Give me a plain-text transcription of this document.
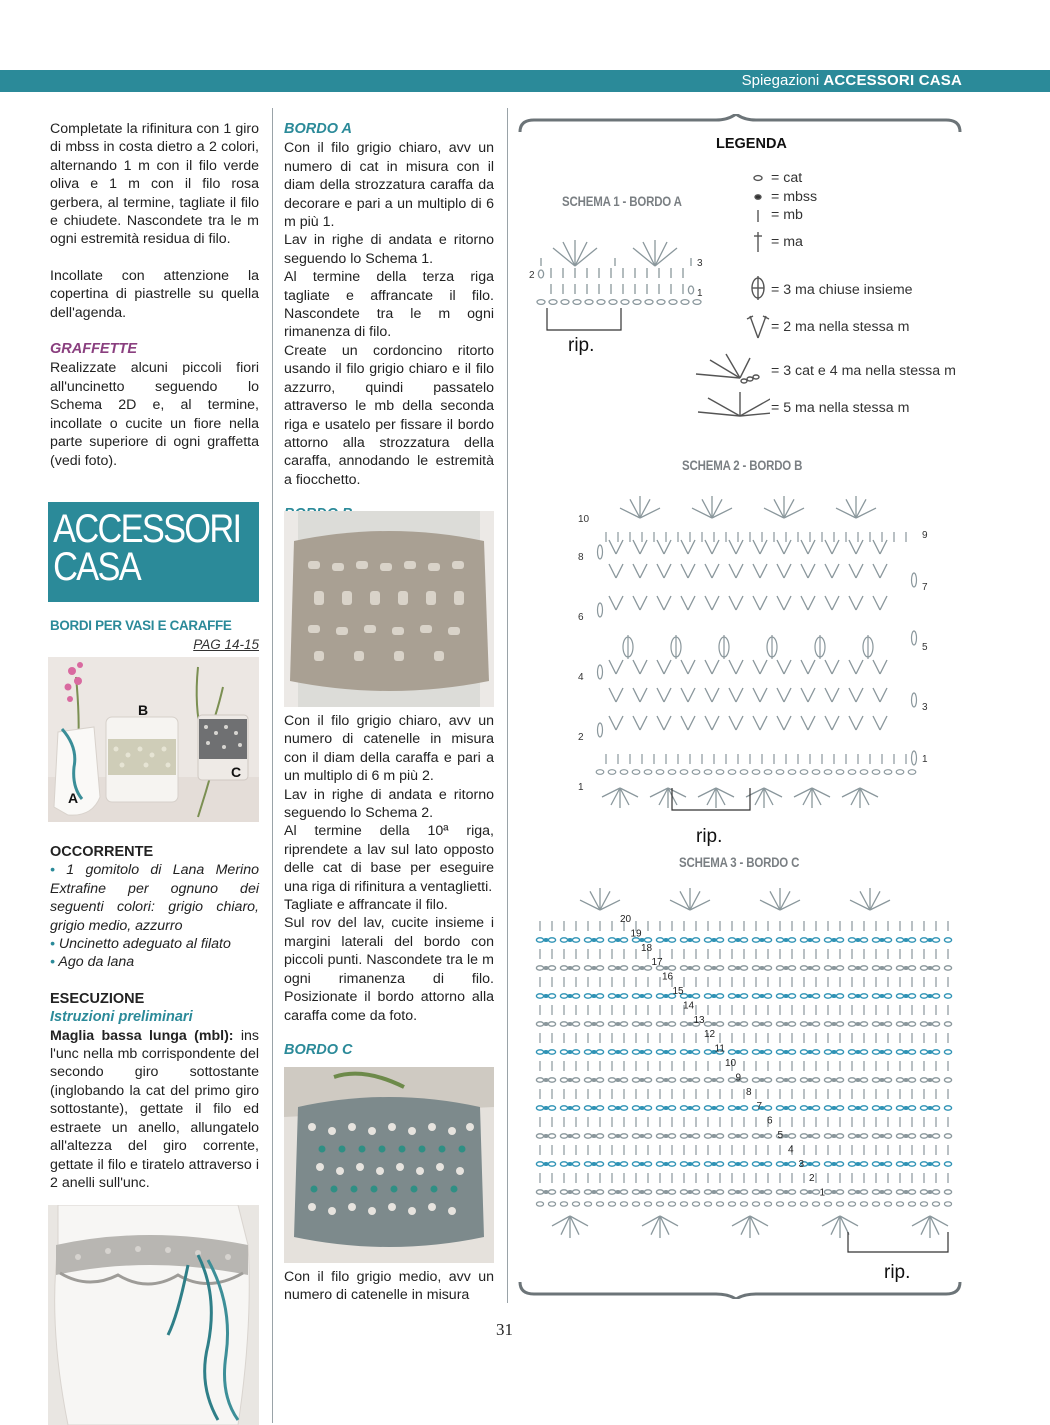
Spiegazioni ACCESSORI CASA

Completate la rifinitura con 1 giro di mbss in costa dietro a 2 colori, alternando 1 m con il filo verde oliva e 1 m con il filo rosa gerbera, al termine, tagliate il filo e chiudete. Nascondete tra le m ogni estremità residua di filo.

Incollate con attenzione la copertina di piastrelle su quella dell'agenda.

GRAFFETTE

Realizzate alcuni piccoli fiori all'uncinetto seguendo lo Schema 2D e, al termine, incollate o cucite un fiore nella parte superiore di ogni graffetta (vedi foto).

ACCESSORI
CASA
BORDI PER VASI E CARAFFE
PAG 14-15
B
C
A
OCCORRENTE

• 1 gomitolo di Lana Merino Extrafine per ognuno dei seguenti colori: grigio chiaro, grigio medio, azzurro

• Uncinetto adeguato al filato

• Ago da lana

ESECUZIONE
Istruzioni preliminari

Maglia bassa lunga (mbl): ins l'unc nella mb corrispondente del secondo giro sottostante (inglobando la cat del primo giro sottostante), gettate il filo ed estraete un anello, allungatelo all'altezza del giro corrente, gettate il filo e tiratelo attraverso i 2 anelli sull'unc.

BORDO A

Con il filo grigio chiaro, avv un numero di cat in misura con il diam della strozzatura caraffa da decorare e pari a un multiplo di 6 m più 1.

Lav in righe di andata e ritorno seguendo lo Schema 1.

Al termine della terza riga tagliate e affrancate il filo. Nascondete tra le m ogni rimanenza di filo.

Create un cordoncino ritorto usando il filo grigio chiaro e il filo azzurro, quindi passatelo attraverso le mb della seconda riga e usatelo per fissare il bordo attorno alla strozzatura della caraffa, annodando le estremità a fiocchetto.

Con il filo grigio chiaro, avv un numero di catenelle in misura con il diam della caraffa e pari a un multiplo di 6 m più 2.

Lav in righe di andata e ritorno seguendo lo Schema 2.

Al termine della 10ª riga, riprendete a lav sul lato opposto delle cat di base per eseguire una riga di rifinitura a ventaglietti.

Tagliate e affrancate il filo.

Sul rov del lav, cucite insieme i margini laterali del bordo con piccoli punti. Nascondete tra le m ogni rimanenza di filo. Posizionate il bordo attorno alla caraffa come da foto.

BORDO C

Con il filo grigio medio, avv un numero di catenelle in misura

LEGENDA
= cat
= mbss
= mb
= ma
= 3 ma chiuse insieme
= 2 ma nella stessa m
= 3 cat e 4 ma nella stessa m
= 5 ma nella stessa m
SCHEMA 1 - BORDO A
3
1
2
rip.
SCHEMA 2 - BORDO B
10
8
6
4
2
1
9
7
5
3
1
rip.
SCHEMA 3 - BORDO C
20
19
18
17
16
15
14
13
12
11
10
9
8
7
6
5
4
3
2
1
rip.
31
